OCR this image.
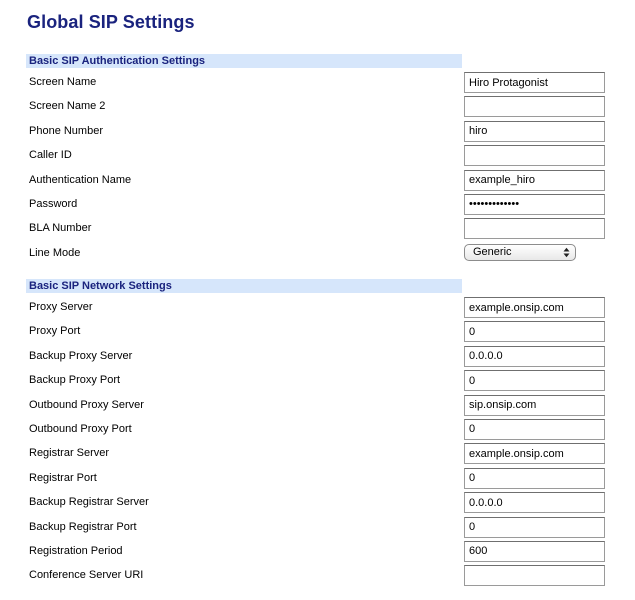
Global SIP Settings
Basic SIP Authentication Settings
Screen Name
Hiro Protagonist
Screen Name 2
Phone Number
hiro
Caller ID
Authentication Name
example_hiro
Password
•••••••••••••
BLA Number
Line Mode	Generic
Basic SIP Network Settings
Proxy Server
example.onsip.com
Proxy Port
0
Backup Proxy Server
0.0.0.0
Backup Proxy Port
0
Outbound Proxy Server
sip.onsip.com
Outbound Proxy Port
0
Registrar Server
example.onsip.com
Registrar Port
0
Backup Registrar Server
0.0.0.0
Backup Registrar Port
0
Registration Period
600
Conference Server URI
